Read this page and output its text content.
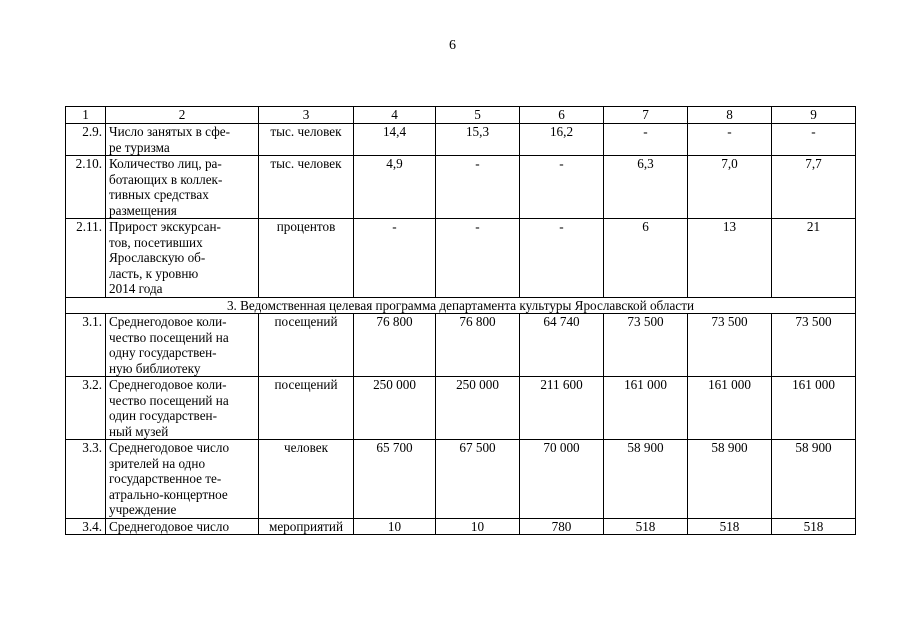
6
1	2	3	4	5	6	7	8	9
2.9.	Число занятых в сфе-
ре туризма	тыс. человек	14,4	15,3	16,2	-	-	-
2.10.	Количество лиц, ра-
ботающих в коллек-
тивных средствах
размещения	тыс. человек	4,9	-	-	6,3	7,0	7,7
2.11.	Прирост экскурсан-
тов, посетивших
Ярославскую об-
ласть, к уровню
2014 года	процентов	-	-	-	6	13	21
3. Ведомственная целевая программа департамента культуры Ярославской области								
3.1.	Среднегодовое коли-
чество посещений на
одну государствен-
ную библиотеку	посещений	76 800	76 800	64 740	73 500	73 500	73 500
3.2.	Среднегодовое коли-
чество посещений на
один государствен-
ный музей	посещений	250 000	250 000	211 600	161 000	161 000	161 000
3.3.	Среднегодовое число
зрителей на одно
государственное те-
атрально-концертное
учреждение	человек	65 700	67 500	70 000	58 900	58 900	58 900
3.4.	Среднегодовое число	мероприятий	10	10	780	518	518	518
